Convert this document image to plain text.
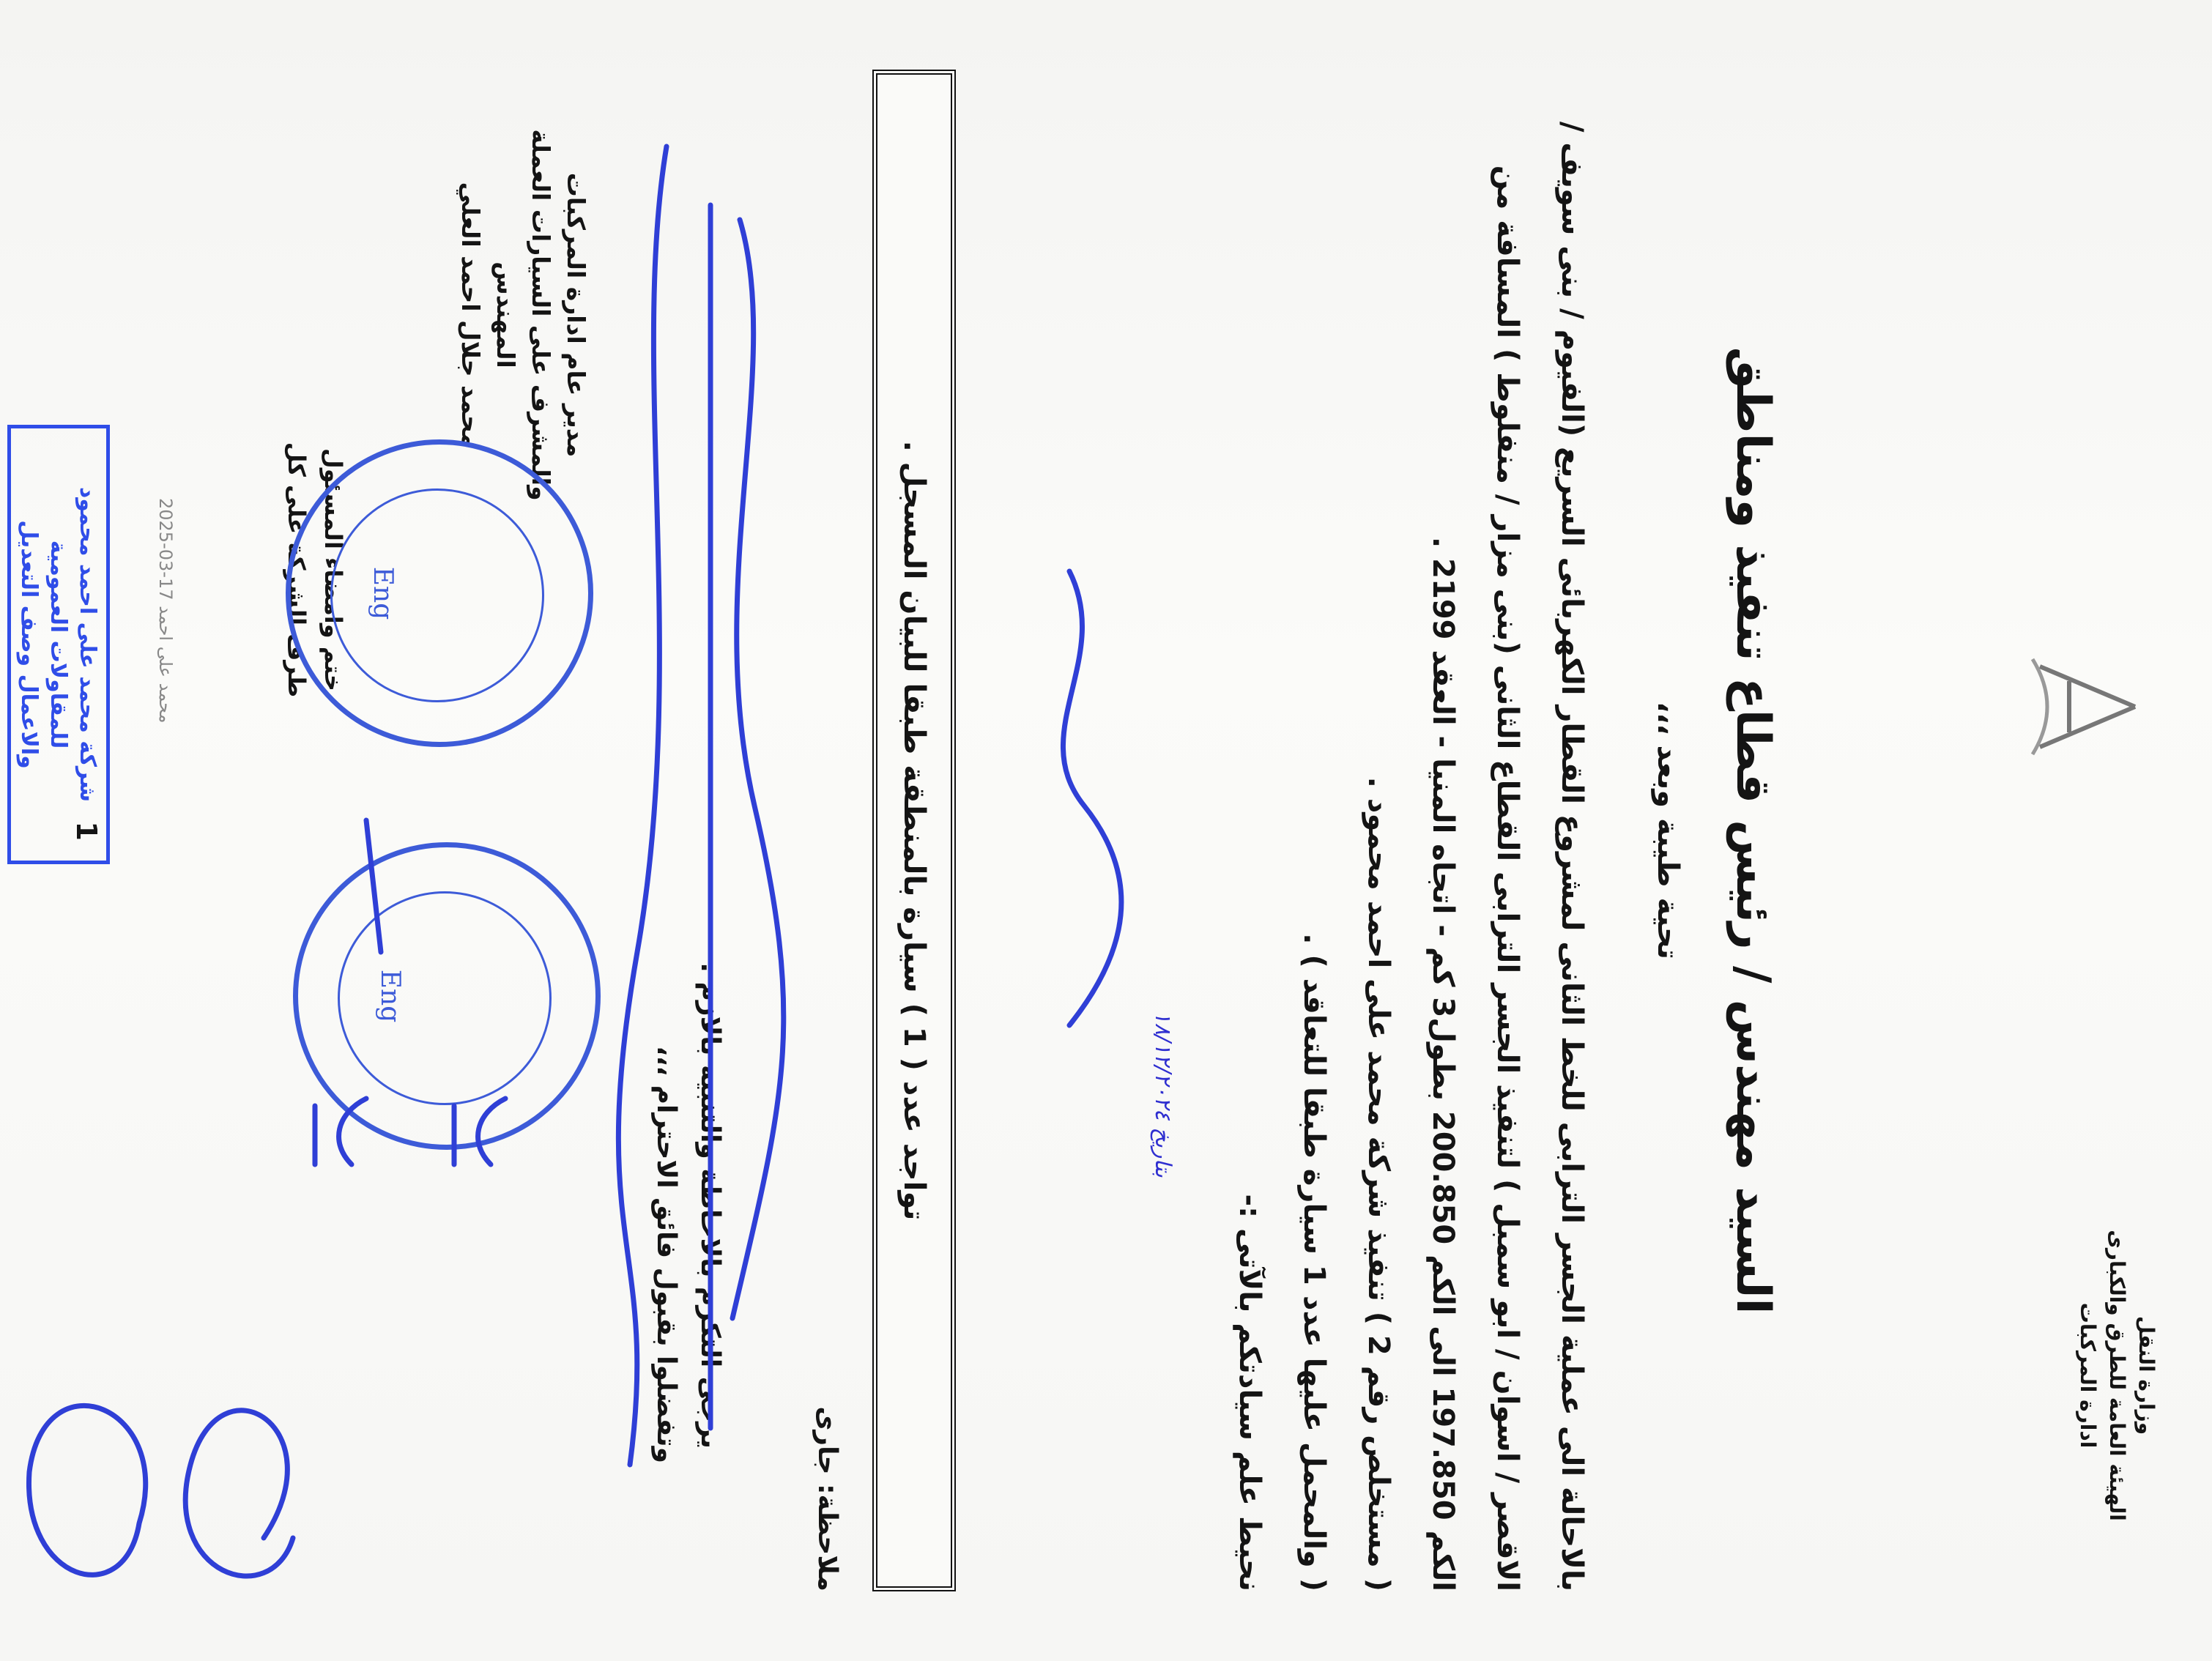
وزارة النقل
الهيئة العامة للطرق والكبارى
ادارة المركبات
السيد مهندس / رئيس قطاع تنفيذ ومناطق
تحية طيبة وبعد ،،،
بالاحالة الى عملية الجسر الترابى للخط الثانى لمشروع القطار الكهربائى السريع (الفيوم / بنى سويف /
الاقصر / اسوان / ابو سمبل ) لتنفيذ الجسر الترابى القطاع الثانى (بنى مزار / منفلوط ) المسافة من
الكم 197.850 الى الكم 200.850 بطول3 كم - اتجاه المنيا - العقد 2199 .
( مستخلص رقم 2 ) تنفيذ شركة محمد على احمد محمود .
( والمحمل عليها عدد 1 سيارة طبقا للتعاقد ) .
نحيط علم سيادتكم بالآتى :-
بتاريخ ١٨/١٢/٢٠٢٤
تواجد عدد ( 1 ) سيارة بالمنطقة طبقا للبيان المسجل .
ملاحظة: جارى
يرجى التكرم بالاحاطة والتنبيه بالازم .
وتفضلوا بقبول فائق الاحترام ،،،
مدير عام ادارة المركبات
والمشرف على السيارات العملة
المهندس
محمد جلال احمد العلي
ختم وامضاء المسئول
طرف الشركة على كل
شركة محمد على احمد محمود
للمقاولات العمومية
والاعمال وصف التعديل	Eng
Eng
1
2025-03-17 محمد على احمد
